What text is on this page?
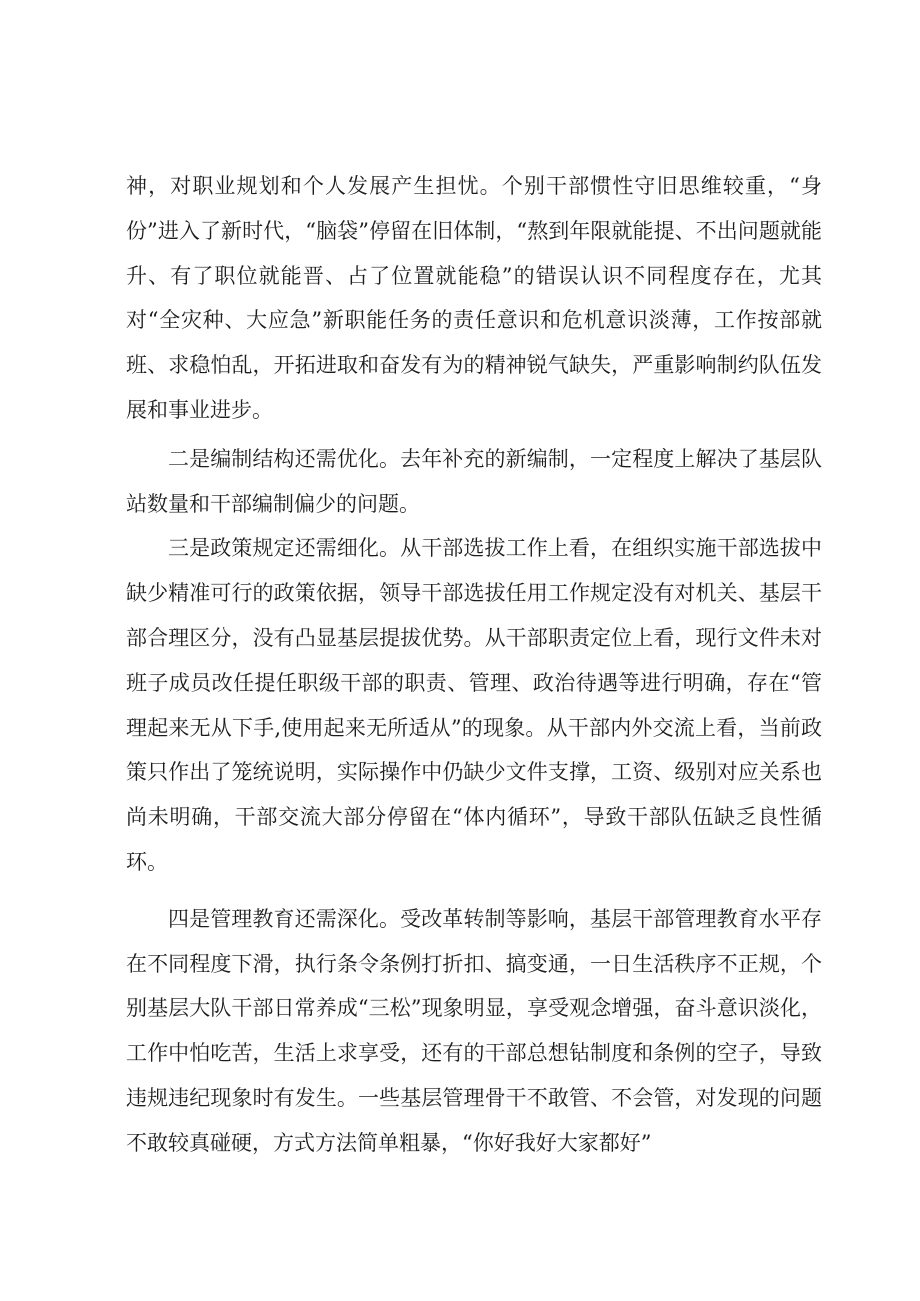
神，对职业规划和个人发展产生担忧。个别干部惯性守旧思维较重，“身份”进入了新时代，“脑袋”停留在旧体制，“熬到年限就能提、不出问题就能升、有了职位就能晋、占了位置就能稳”的错误认识不同程度存在，尤其对“全灾种、大应急”新职能任务的责任意识和危机意识淡薄，工作按部就班、求稳怕乱，开拓进取和奋发有为的精神锐气缺失，严重影响制约队伍发展和事业进步。

二是编制结构还需优化。去年补充的新编制，一定程度上解决了基层队站数量和干部编制偏少的问题。

三是政策规定还需细化。从干部选拔工作上看，在组织实施干部选拔中缺少精准可行的政策依据，领导干部选拔任用工作规定没有对机关、基层干部合理区分，没有凸显基层提拔优势。从干部职责定位上看，现行文件未对班子成员改任提任职级干部的职责、管理、政治待遇等进行明确，存在“管理起来无从下手,使用起来无所适从”的现象。从干部内外交流上看，当前政策只作出了笼统说明，实际操作中仍缺少文件支撑，工资、级别对应关系也尚未明确，干部交流大部分停留在“体内循环”，导致干部队伍缺乏良性循环。

四是管理教育还需深化。受改革转制等影响，基层干部管理教育水平存在不同程度下滑，执行条令条例打折扣、搞变通，一日生活秩序不正规，个别基层大队干部日常养成“三松”现象明显，享受观念增强，奋斗意识淡化，工作中怕吃苦，生活上求享受，还有的干部总想钻制度和条例的空子，导致违规违纪现象时有发生。一些基层管理骨干不敢管、不会管，对发现的问题不敢较真碰硬，方式方法简单粗暴，“你好我好大家都好”
